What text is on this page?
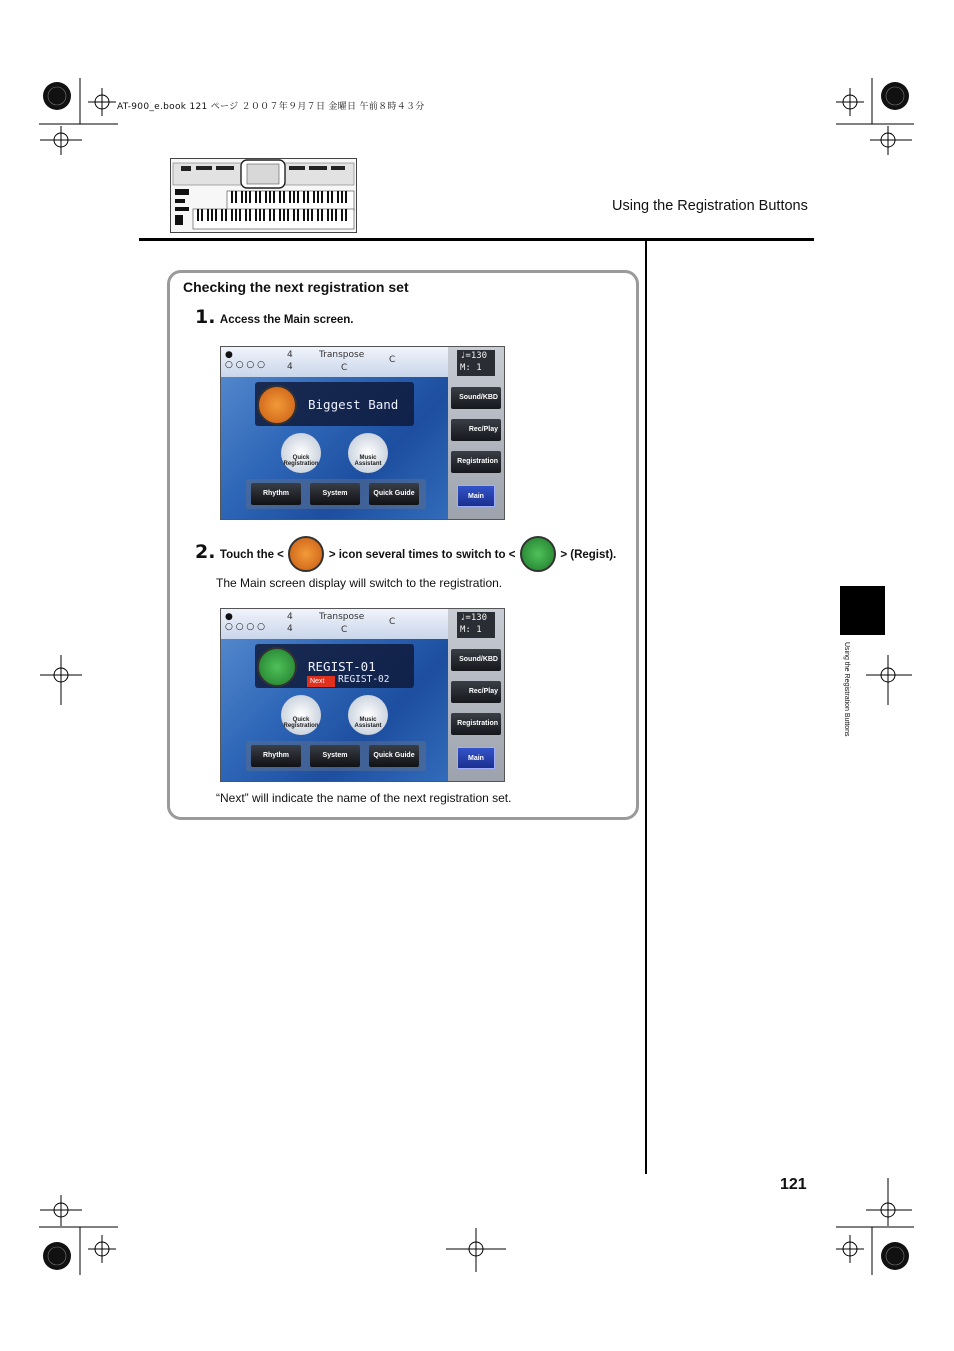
AT-900_e.book 121 ページ ２００７年９月７日 金曜日 午前８時４３分
Using the Registration Buttons
Using the Registration Buttons
Checking the next registration set
1. Access the Main screen.
●
○ ○ ○ ○
4
4
Transpose
C
C	♩=130
M: 1
Sound/KBD
Rec/Play
Registration
Main
Biggest Band
Quick Registration
Music Assistant
Rhythm	System	Quick Guide
2. Touch the <	> icon several times to switch to <	> (Regist).
The Main screen display will switch to the registration.
●
○ ○ ○ ○
4
4
Transpose
C
C	♩=130
M: 1
Sound/KBD
Rec/Play
Registration
Main
REGIST-01
Next	REGIST-02
Quick Registration
Music Assistant
Rhythm	System	Quick Guide
“Next” will indicate the name of the next registration set.
121
